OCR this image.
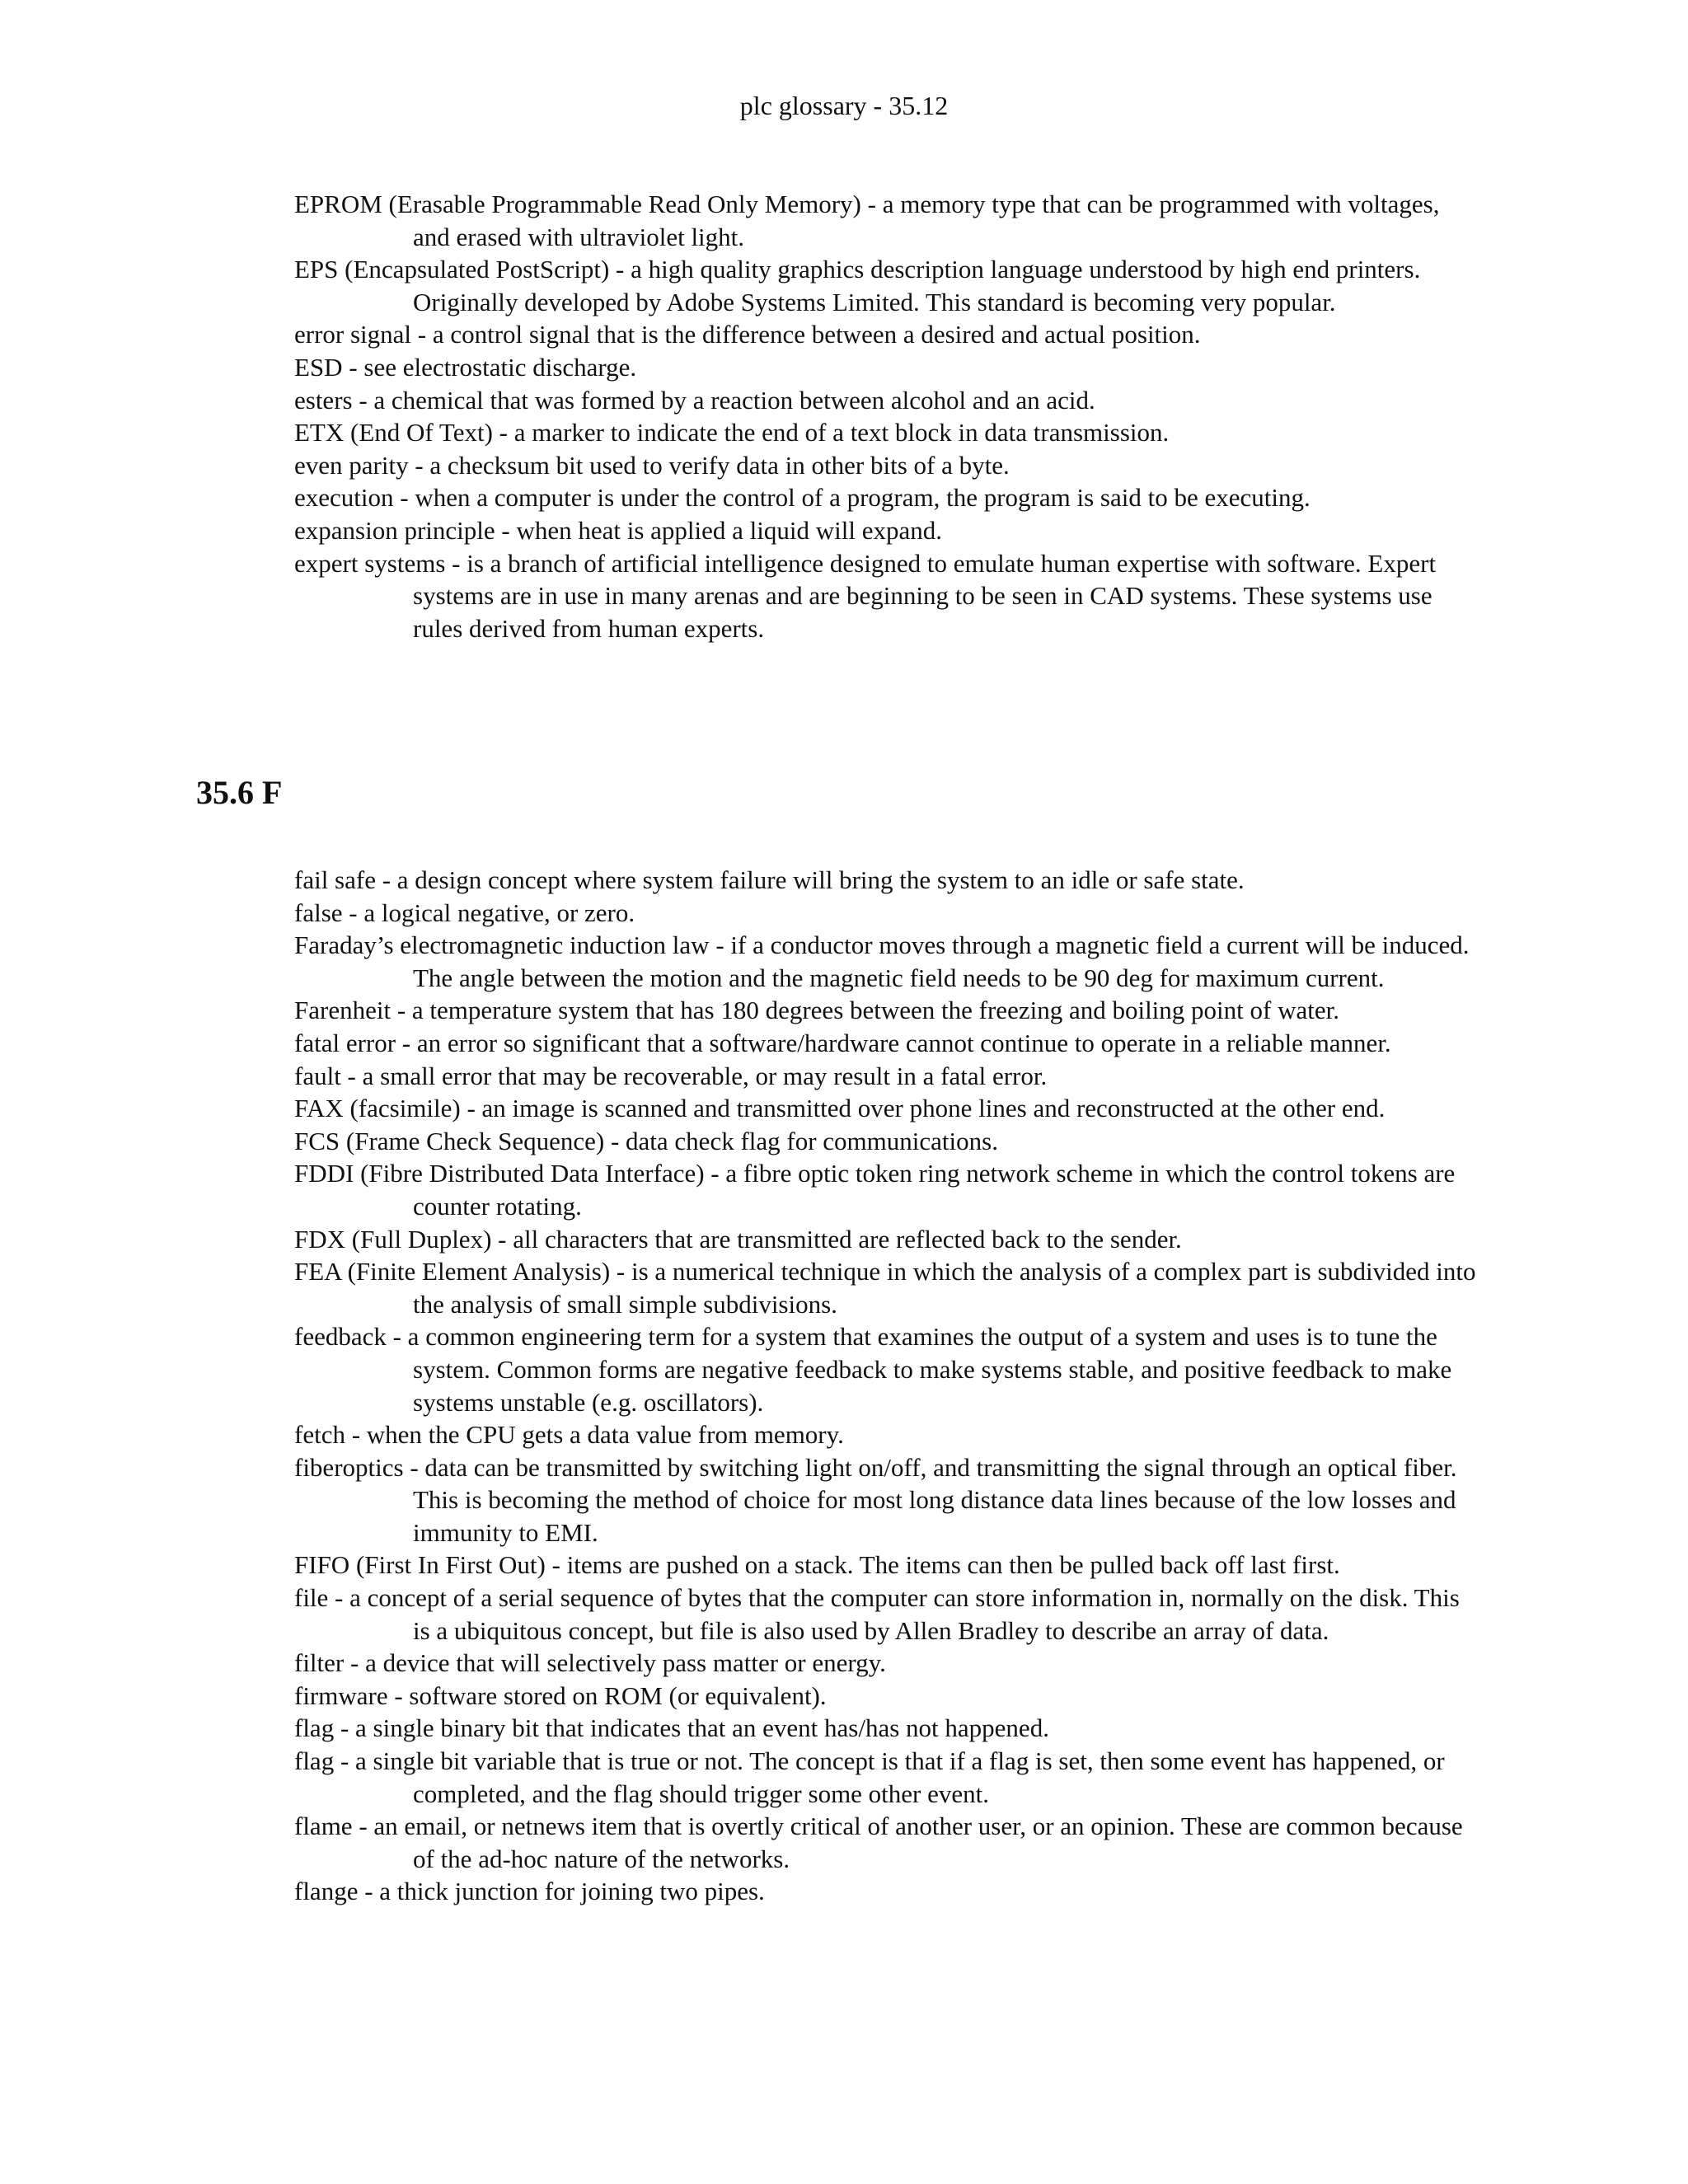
plc glossary - 35.12
EPROM (Erasable Programmable Read Only Memory) - a memory type that can be programmed with voltages, and erased with ultraviolet light.
EPS (Encapsulated PostScript) - a high quality graphics description language understood by high end printers. Originally developed by Adobe Systems Limited. This standard is becoming very popular.
error signal - a control signal that is the difference between a desired and actual position.
ESD - see electrostatic discharge.
esters - a chemical that was formed by a reaction between alcohol and an acid.
ETX (End Of Text) - a marker to indicate the end of a text block in data transmission.
even parity - a checksum bit used to verify data in other bits of a byte.
execution - when a computer is under the control of a program, the program is said to be executing.
expansion principle - when heat is applied a liquid will expand.
expert systems - is a branch of artificial intelligence designed to emulate human expertise with software. Expert systems are in use in many arenas and are beginning to be seen in CAD systems. These systems use rules derived from human experts.
35.6 F
fail safe - a design concept where system failure will bring the system to an idle or safe state.
false - a logical negative, or zero.
Faraday’s electromagnetic induction law - if a conductor moves through a magnetic field a current will be induced. The angle between the motion and the magnetic field needs to be 90 deg for maximum current.
Farenheit - a temperature system that has 180 degrees between the freezing and boiling point of water.
fatal error - an error so significant that a software/hardware cannot continue to operate in a reliable manner.
fault - a small error that may be recoverable, or may result in a fatal error.
FAX (facsimile) - an image is scanned and transmitted over phone lines and reconstructed at the other end.
FCS (Frame Check Sequence) - data check flag for communications.
FDDI (Fibre Distributed Data Interface) - a fibre optic token ring network scheme in which the control tokens are counter rotating.
FDX (Full Duplex) - all characters that are transmitted are reflected back to the sender.
FEA (Finite Element Analysis) - is a numerical technique in which the analysis of a complex part is subdivided into the analysis of small simple subdivisions.
feedback - a common engineering term for a system that examines the output of a system and uses is to tune the system. Common forms are negative feedback to make systems stable, and positive feedback to make systems unstable (e.g. oscillators).
fetch - when the CPU gets a data value from memory.
fiberoptics - data can be transmitted by switching light on/off, and transmitting the signal through an optical fiber. This is becoming the method of choice for most long distance data lines because of the low losses and immunity to EMI.
FIFO (First In First Out) - items are pushed on a stack. The items can then be pulled back off last first.
file - a concept of a serial sequence of bytes that the computer can store information in, normally on the disk. This is a ubiquitous concept, but file is also used by Allen Bradley to describe an array of data.
filter - a device that will selectively pass matter or energy.
firmware - software stored on ROM (or equivalent).
flag - a single binary bit that indicates that an event has/has not happened.
flag - a single bit variable that is true or not. The concept is that if a flag is set, then some event has happened, or completed, and the flag should trigger some other event.
flame - an email, or netnews item that is overtly critical of another user, or an opinion. These are common because of the ad-hoc nature of the networks.
flange - a thick junction for joining two pipes.
